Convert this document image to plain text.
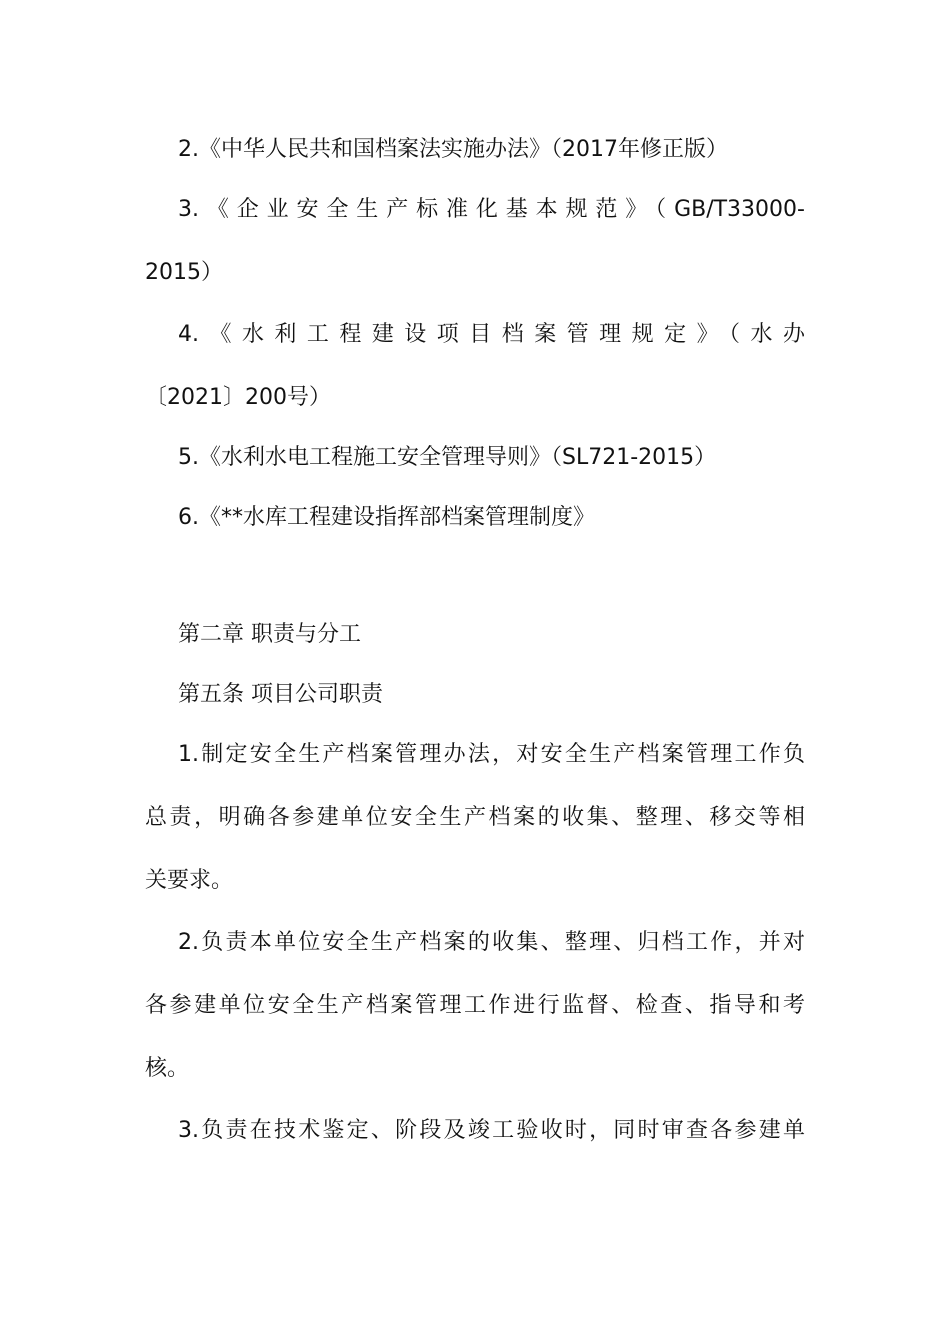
2.《中华人民共和国档案法实施办法》（2017年修正版）
3.《企业安全生产标准化基本规范》（GB/T33000-
2015）
4.《水利工程建设项目档案管理规定》（水办
〔2021〕200号）
5.《水利水电工程施工安全管理导则》（SL721-2015）
6.《**水库工程建设指挥部档案管理制度》
第二章 职责与分工
第五条 项目公司职责
1.制定安全生产档案管理办法，对安全生产档案管理工作负
总责，明确各参建单位安全生产档案的收集、整理、移交等相
关要求。
2.负责本单位安全生产档案的收集、整理、归档工作，并对
各参建单位安全生产档案管理工作进行监督、检查、指导和考
核。
3.负责在技术鉴定、阶段及竣工验收时，同时审查各参建单
